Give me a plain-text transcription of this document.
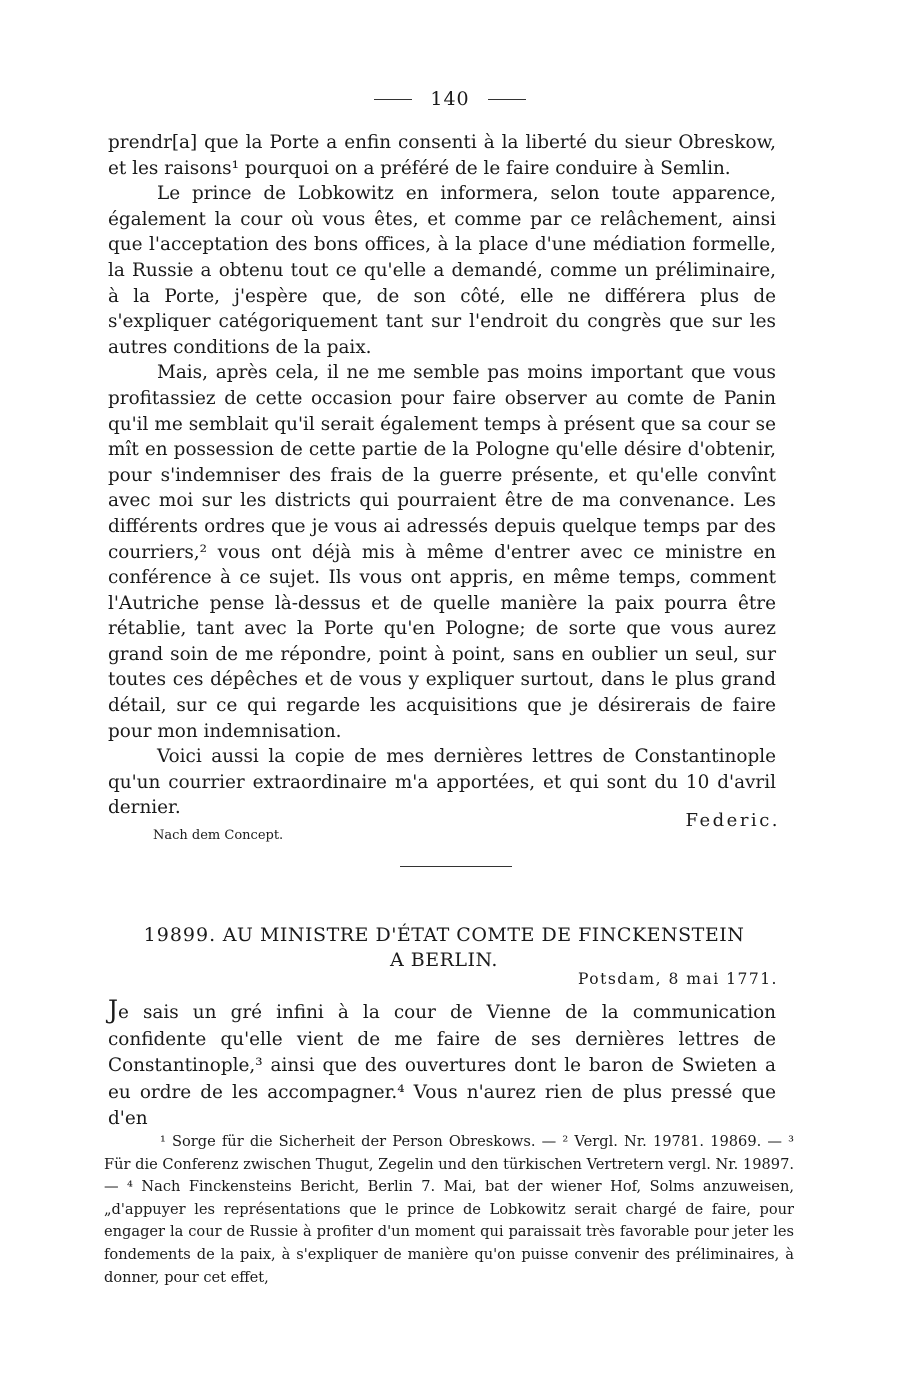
140

prendr[a] que la Porte a enfin consenti à la liberté du sieur Obreskow, et les raisons¹ pourquoi on a préféré de le faire conduire à Semlin.

Le prince de Lobkowitz en informera, selon toute apparence, également la cour où vous êtes, et comme par ce relâchement, ainsi que l'acceptation des bons offices, à la place d'une médiation formelle, la Russie a obtenu tout ce qu'elle a demandé, comme un préliminaire, à la Porte, j'espère que, de son côté, elle ne différera plus de s'expliquer catégoriquement tant sur l'endroit du congrès que sur les autres conditions de la paix.

Mais, après cela, il ne me semble pas moins important que vous profitassiez de cette occasion pour faire observer au comte de Panin qu'il me semblait qu'il serait également temps à présent que sa cour se mît en possession de cette partie de la Pologne qu'elle désire d'obtenir, pour s'indemniser des frais de la guerre présente, et qu'elle convînt avec moi sur les districts qui pourraient être de ma convenance. Les différents ordres que je vous ai adressés depuis quelque temps par des courriers,² vous ont déjà mis à même d'entrer avec ce ministre en conférence à ce sujet. Ils vous ont appris, en même temps, comment l'Autriche pense là-dessus et de quelle manière la paix pourra être rétablie, tant avec la Porte qu'en Pologne; de sorte que vous aurez grand soin de me répondre, point à point, sans en oublier un seul, sur toutes ces dépêches et de vous y expliquer surtout, dans le plus grand détail, sur ce qui regarde les acquisitions que je désirerais de faire pour mon indemnisation.

Voici aussi la copie de mes dernières lettres de Constantinople qu'un courrier extraordinaire m'a apportées, et qui sont du 10 d'avril dernier.

Federic.
Nach dem Concept.
19899. AU MINISTRE D'ÉTAT COMTE DE FINCKENSTEIN
A BERLIN.
Potsdam, 8 mai 1771.
Je sais un gré infini à la cour de Vienne de la communication confidente qu'elle vient de me faire de ses dernières lettres de Constantinople,³ ainsi que des ouvertures dont le baron de Swieten a eu ordre de les accompagner.⁴ Vous n'aurez rien de plus pressé que d'en

¹ Sorge für die Sicherheit der Person Obreskows. — ² Vergl. Nr. 19781. 19869. — ³ Für die Conferenz zwischen Thugut, Zegelin und den türkischen Vertretern vergl. Nr. 19897. — ⁴ Nach Finckensteins Bericht, Berlin 7. Mai, bat der wiener Hof, Solms anzuweisen, „d'appuyer les représentations que le prince de Lobkowitz serait chargé de faire, pour engager la cour de Russie à profiter d'un moment qui paraissait très favorable pour jeter les fondements de la paix, à s'expliquer de manière qu'on puisse convenir des préliminaires, à donner, pour cet effet,
